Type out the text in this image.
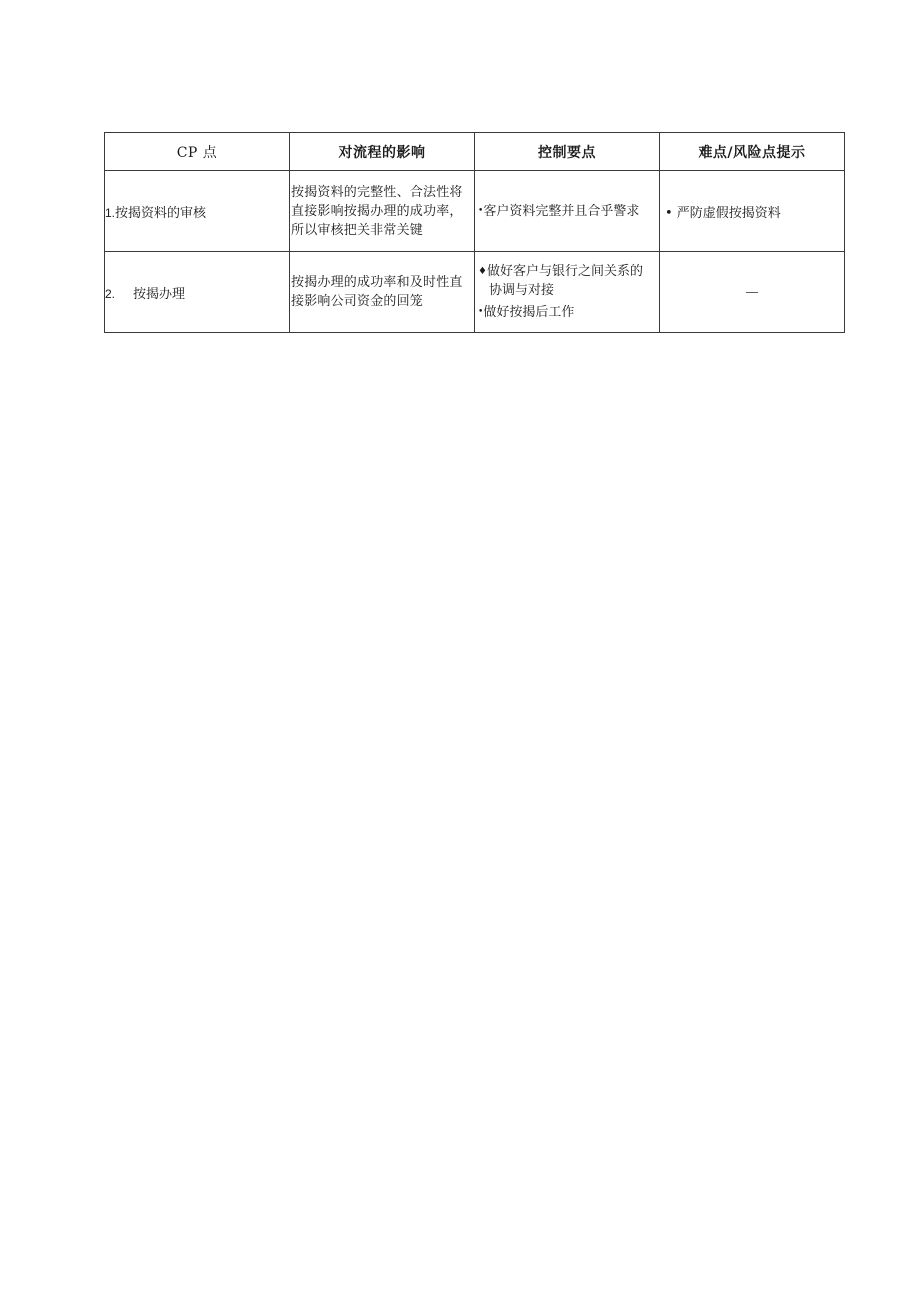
CP 点	对流程的影响	控制要点	难点/风险点提示
1.按揭资料的审核	按揭资料的完整性、合法性将直接影响按揭办理的成功率，所以审核把关非常关键	•客户资料完整并且合乎警求	• 严防虚假按揭资料
2. 按揭办理	按揭办理的成功率和及时性直接影响公司资金的回笼	♦做好客户与银行之间关系的
协调与对接
•做好按揭后工作	—
